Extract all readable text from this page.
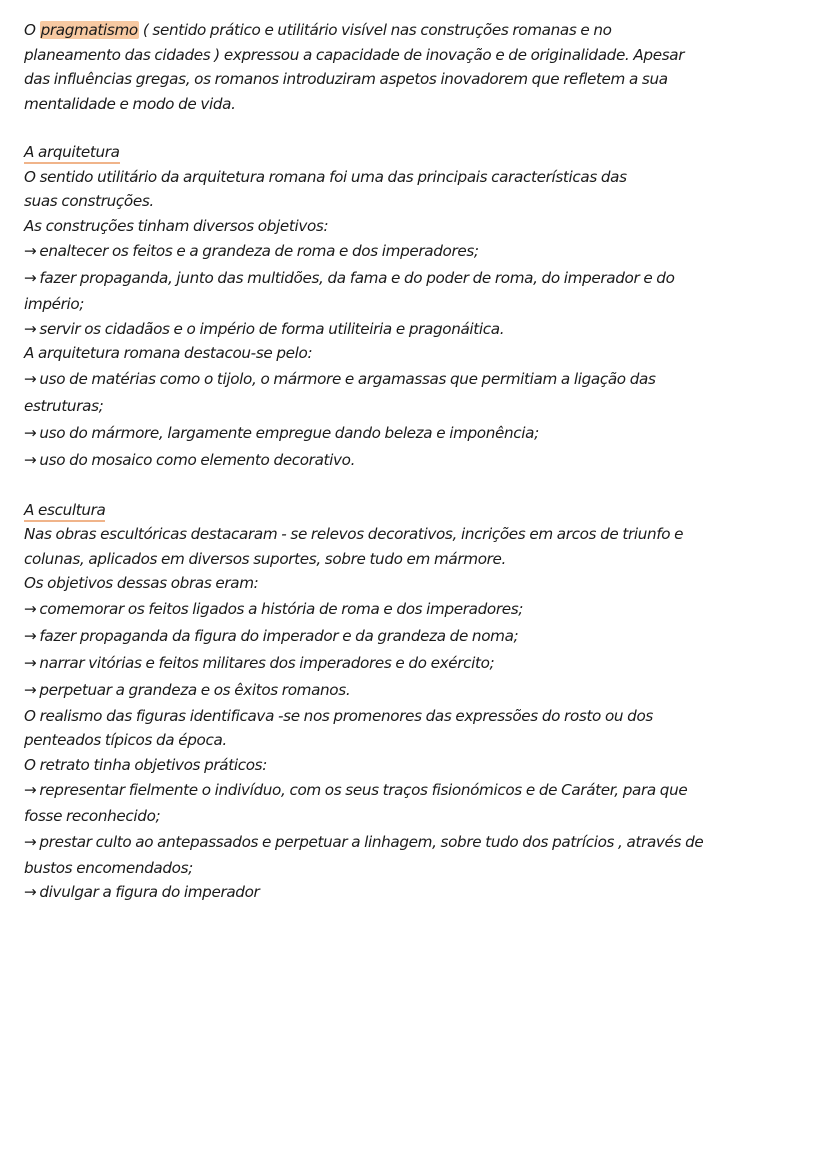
O pragmatismo ( sentido prático e utilitário visível nas construções romanas e no
planeamento das cidades ) expressou a capacidade de inovação e de originalidade. Apesar
das influências gregas, os romanos introduziram aspetos inovadorem que refletem a sua
mentalidade e modo de vida.
A arquitetura
O sentido utilitário da arquitetura romana foi uma das principais características das
suas construções.
As construções tinham diversos objetivos:
→ enaltecer os feitos e a grandeza de roma e dos imperadores;
→ fazer propaganda, junto das multidões, da fama e do poder de roma, do imperador e do
império;
→ servir os cidadãos e o império de forma utiliteiria e pragonáitica.
A arquitetura romana destacou-se pelo:
→ uso de matérias como o tijolo, o mármore e argamassas que permitiam a ligação das
estruturas;
→ uso do mármore, largamente empregue dando beleza e imponência;
→ uso do mosaico como elemento decorativo.
A escultura
Nas obras escultóricas destacaram - se relevos decorativos, incrições em arcos de triunfo e
colunas, aplicados em diversos suportes, sobre tudo em mármore.
Os objetivos dessas obras eram:
→ comemorar os feitos ligados a história de roma e dos imperadores;
→ fazer propaganda da figura do imperador e da grandeza de noma;
→ narrar vitórias e feitos militares dos imperadores e do exército;
→ perpetuar a grandeza e os êxitos romanos.
O realismo das figuras identificava -se nos promenores das expressões do rosto ou dos
penteados típicos da época.
O retrato tinha objetivos práticos:
→ representar fielmente o indivíduo, com os seus traços fisionómicos e de Caráter, para que
fosse reconhecido;
→ prestar culto ao antepassados e perpetuar a linhagem, sobre tudo dos patrícios , através de
bustos encomendados;
→ divulgar a figura do imperador
